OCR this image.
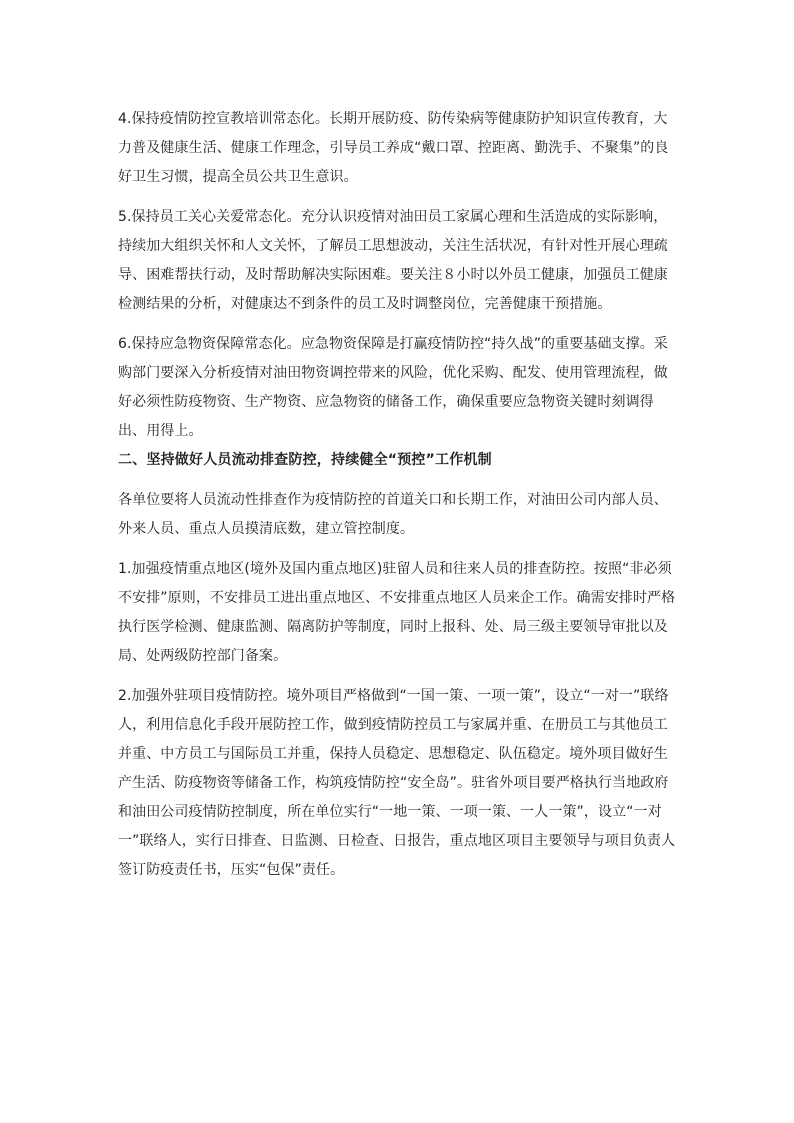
4.保持疫情防控宣教培训常态化。长期开展防疫、防传染病等健康防护知识宣传教育，大力普及健康生活、健康工作理念，引导员工养成“戴口罩、控距离、勤洗手、不聚集”的良好卫生习惯，提高全员公共卫生意识。

5.保持员工关心关爱常态化。充分认识疫情对油田员工家属心理和生活造成的实际影响，持续加大组织关怀和人文关怀，了解员工思想波动，关注生活状况，有针对性开展心理疏导、困难帮扶行动，及时帮助解决实际困难。要关注８小时以外员工健康，加强员工健康检测结果的分析，对健康达不到条件的员工及时调整岗位，完善健康干预措施。

6.保持应急物资保障常态化。应急物资保障是打赢疫情防控“持久战”的重要基础支撑。采购部门要深入分析疫情对油田物资调控带来的风险，优化采购、配发、使用管理流程，做好必须性防疫物资、生产物资、应急物资的储备工作，确保重要应急物资关键时刻调得出、用得上。

二、坚持做好人员流动排查防控，持续健全“预控”工作机制

各单位要将人员流动性排查作为疫情防控的首道关口和长期工作，对油田公司内部人员、外来人员、重点人员摸清底数，建立管控制度。

1.加强疫情重点地区(境外及国内重点地区)驻留人员和往来人员的排查防控。按照“非必须不安排”原则，不安排员工进出重点地区、不安排重点地区人员来企工作。确需安排时严格执行医学检测、健康监测、隔离防护等制度，同时上报科、处、局三级主要领导审批以及局、处两级防控部门备案。

2.加强外驻项目疫情防控。境外项目严格做到“一国一策、一项一策”，设立“一对一”联络人，利用信息化手段开展防控工作，做到疫情防控员工与家属并重、在册员工与其他员工并重、中方员工与国际员工并重，保持人员稳定、思想稳定、队伍稳定。境外项目做好生产生活、防疫物资等储备工作，构筑疫情防控“安全岛”。驻省外项目要严格执行当地政府和油田公司疫情防控制度，所在单位实行“一地一策、一项一策、一人一策”，设立“一对一”联络人，实行日排查、日监测、日检查、日报告，重点地区项目主要领导与项目负责人签订防疫责任书，压实“包保”责任。
